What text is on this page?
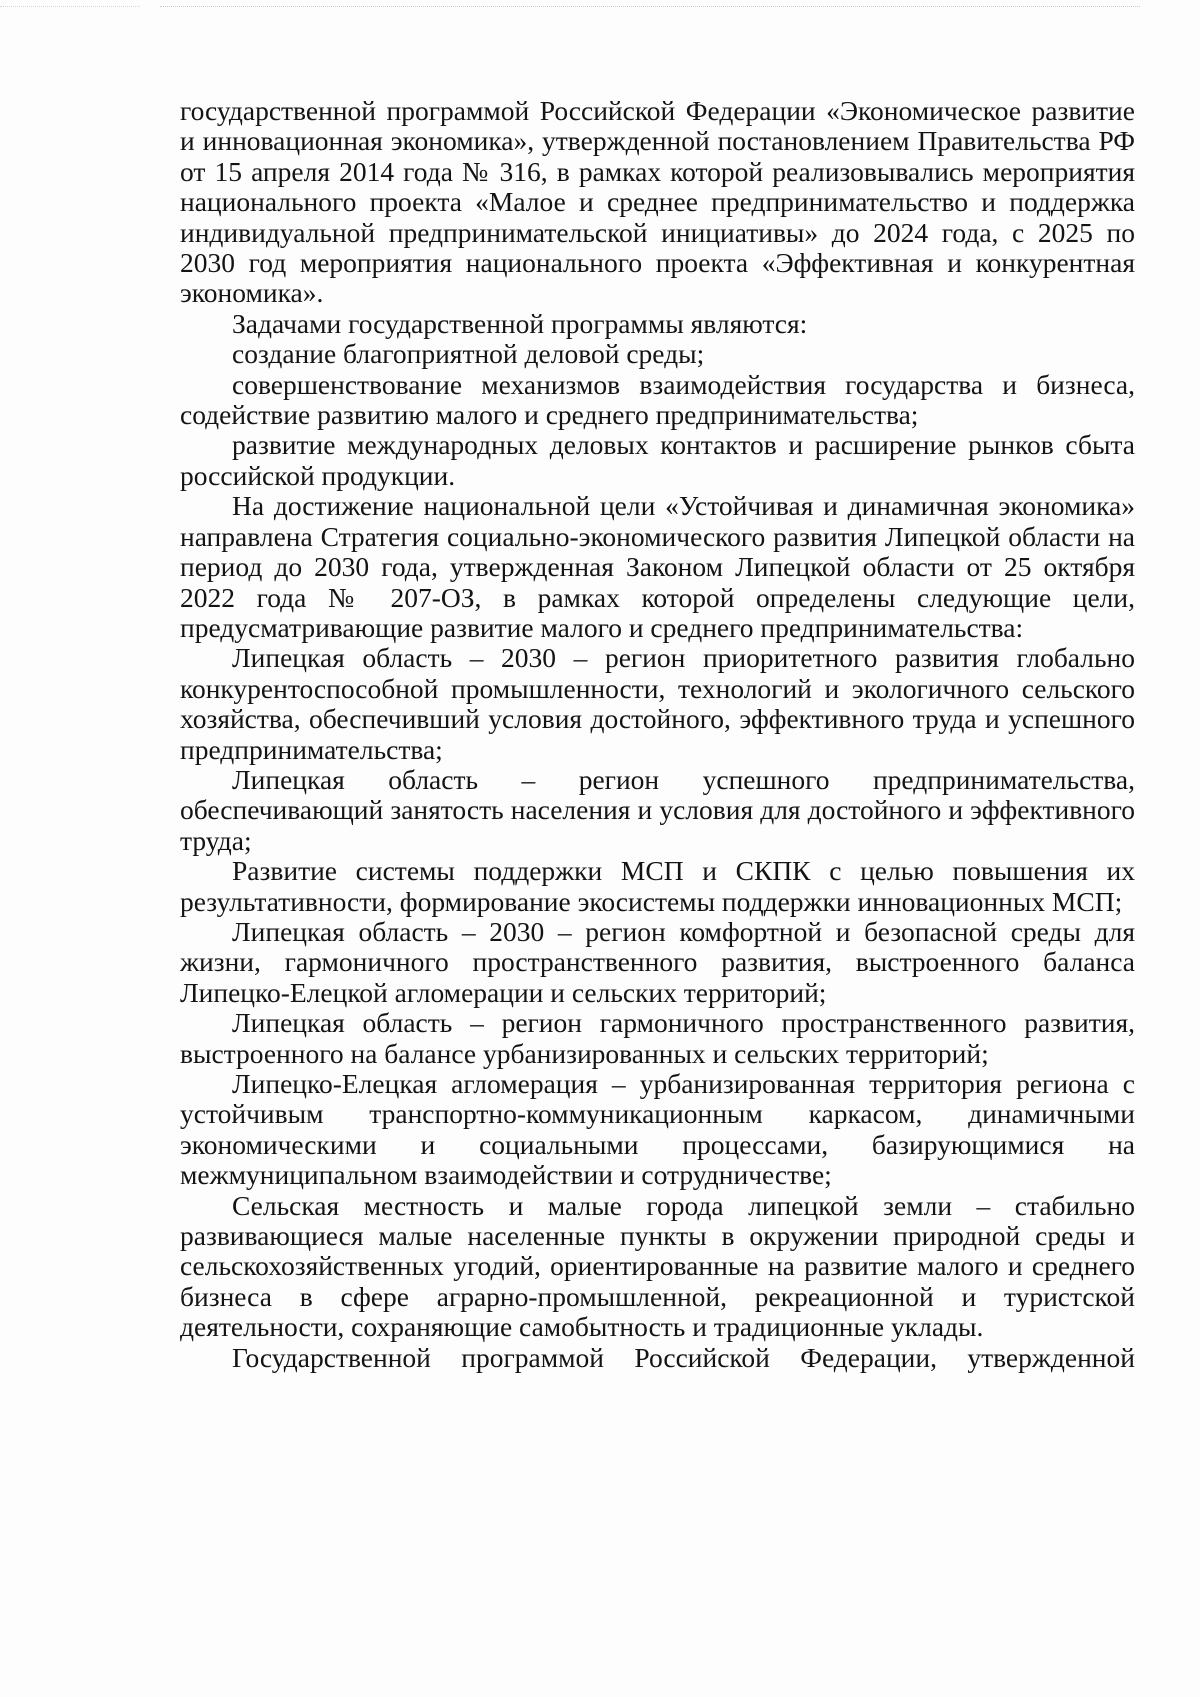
государственной программой Российской Федерации «Экономическое развитие и инновационная экономика», утвержденной постановлением Правительства РФ от 15 апреля 2014 года № 316, в рамках которой реализовывались мероприятия национального проекта «Малое и среднее предпринимательство и поддержка индивидуальной предпринимательской инициативы» до 2024 года, с 2025 по 2030 год мероприятия национального проекта «Эффективная и конкурентная экономика».

Задачами государственной программы являются:

создание благоприятной деловой среды;

совершенствование механизмов взаимодействия государства и бизнеса, содействие развитию малого и среднего предпринимательства;

развитие международных деловых контактов и расширение рынков сбыта российской продукции.

На достижение национальной цели «Устойчивая и динамичная экономика» направлена Стратегия социально-экономического развития Липецкой области на период до 2030 года, утвержденная Законом Липецкой области от 25 октября 2022 года № 207-ОЗ, в рамках которой определены следующие цели, предусматривающие развитие малого и среднего предпринимательства:

Липецкая область – 2030 – регион приоритетного развития глобально конкурентоспособной промышленности, технологий и экологичного сельского хозяйства, обеспечивший условия достойного, эффективного труда и успешного предпринимательства;

Липецкая область – регион успешного предпринимательства, обеспечивающий занятость населения и условия для достойного и эффективного труда;

Развитие системы поддержки МСП и СКПК с целью повышения их результативности, формирование экосистемы поддержки инновационных МСП;

Липецкая область – 2030 – регион комфортной и безопасной среды для жизни, гармоничного пространственного развития, выстроенного баланса Липецко-Елецкой агломерации и сельских территорий;

Липецкая область – регион гармоничного пространственного развития, выстроенного на балансе урбанизированных и сельских территорий;

Липецко-Елецкая агломерация – урбанизированная территория региона с устойчивым транспортно-коммуникационным каркасом, динамичными экономическими и социальными процессами, базирующимися на межмуниципальном взаимодействии и сотрудничестве;

Сельская местность и малые города липецкой земли – стабильно развивающиеся малые населенные пункты в окружении природной среды и сельскохозяйственных угодий, ориентированные на развитие малого и среднего бизнеса в сфере аграрно-промышленной, рекреационной и туристской деятельности, сохраняющие самобытность и традиционные уклады.

Государственной программой Российской Федерации, утвержденной
